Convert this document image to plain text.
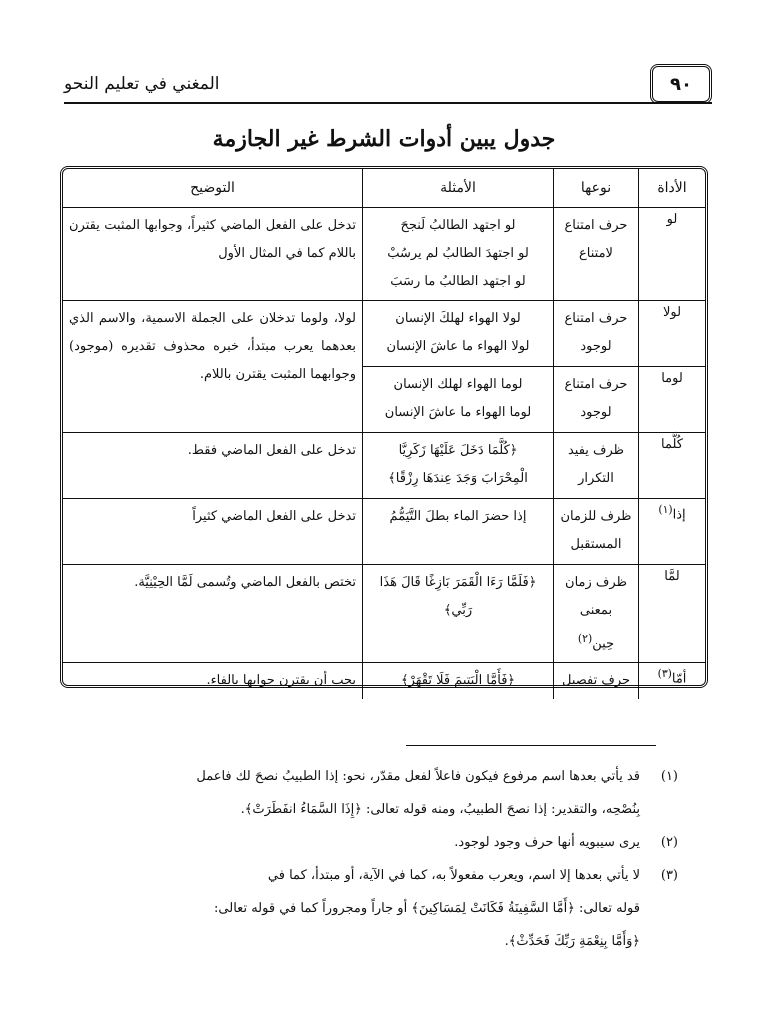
٩٠
المغني في تعليم النحو
جدول يبين أدوات الشرط غير الجازمة
الأداة	نوعها	الأمثلة	التوضيح
لو	حرف امتناع لامتناع	لو اجتهد الطالبُ لَنجحَ
لو اجتهدَ الطالبُ لم يرسُبْ
لو اجتهد الطالبُ ما رسَبَ	تدخل على الفعل الماضي كثيراً، وجوابها المثبت يقترن باللام كما في المثال الأول
لولا	حرف امتناع لوجود	لولا الهواء لهلكَ الإنسان
لولا الهواء ما عاشَ الإنسان	لولا، ولوما تدخلان على الجملة الاسمية، والاسم الذي بعدهما يعرب مبتدأ، خبره محذوف تقديره (موجود) وجوابهما المثبت يقترن باللام.
لوما	حرف امتناع لوجود	لوما الهواء لهلك الإنسان
لوما الهواء ما عاشَ الإنسان	

كُلَّما	ظرف يفيد التكرار	﴿كُلَّمَا دَخَلَ عَلَيْهَا زَكَرِيَّا
الْمِحْرَابَ وَجَدَ عِندَهَا رِزْقًا﴾	تدخل على الفعل الماضي فقط.
إذا$^{(١)}$	ظرف للزمان المستقبل	إذا حضرَ الماء بطلَ التَّيَمُّمُ	تدخل على الفعل الماضي كثيراً
لمَّا	ظرف زمان بمعنى حِين$^{(٢)}$	﴿فَلَمَّا رَءَا الْقَمَرَ بَازِغًا قَالَ هَذَا
رَبِّي﴾	تختص بالفعل الماضي وتُسمى لَمَّا الحِيْنِيَّة.
أمّا$^{(٣)}$	حرف تفصيل	﴿فَأَمَّا الْيَتِيمَ فَلَا تَقْهَرْ﴾	يجب أن يقترن جوابها بالفاء.
(١)قد يأتي بعدها اسم مرفوع فيكون فاعلاً لفعل مقدّر، نحو: إذا الطبيبُ نصحَ لك فاعمل
بِنُصْحِه، والتقدير: إذا نصحَ الطبيبُ، ومنه قوله تعالى: ﴿إِذَا السَّمَاءُ انفَطَرَتْ﴾.
(٢)يرى سيبويه أنها حرف وجود لوجود.
(٣)لا يأتي بعدها إلا اسم، ويعرب مفعولاً به، كما في الآية، أو مبتدأ، كما في
قوله تعالى: ﴿أَمَّا السَّفِينَةُ فَكَانَتْ لِمَسَاكِينَ﴾ أو جاراً ومجروراً كما في قوله تعالى:
﴿وَأَمَّا بِنِعْمَةِ رَبِّكَ فَحَدِّثْ﴾.
